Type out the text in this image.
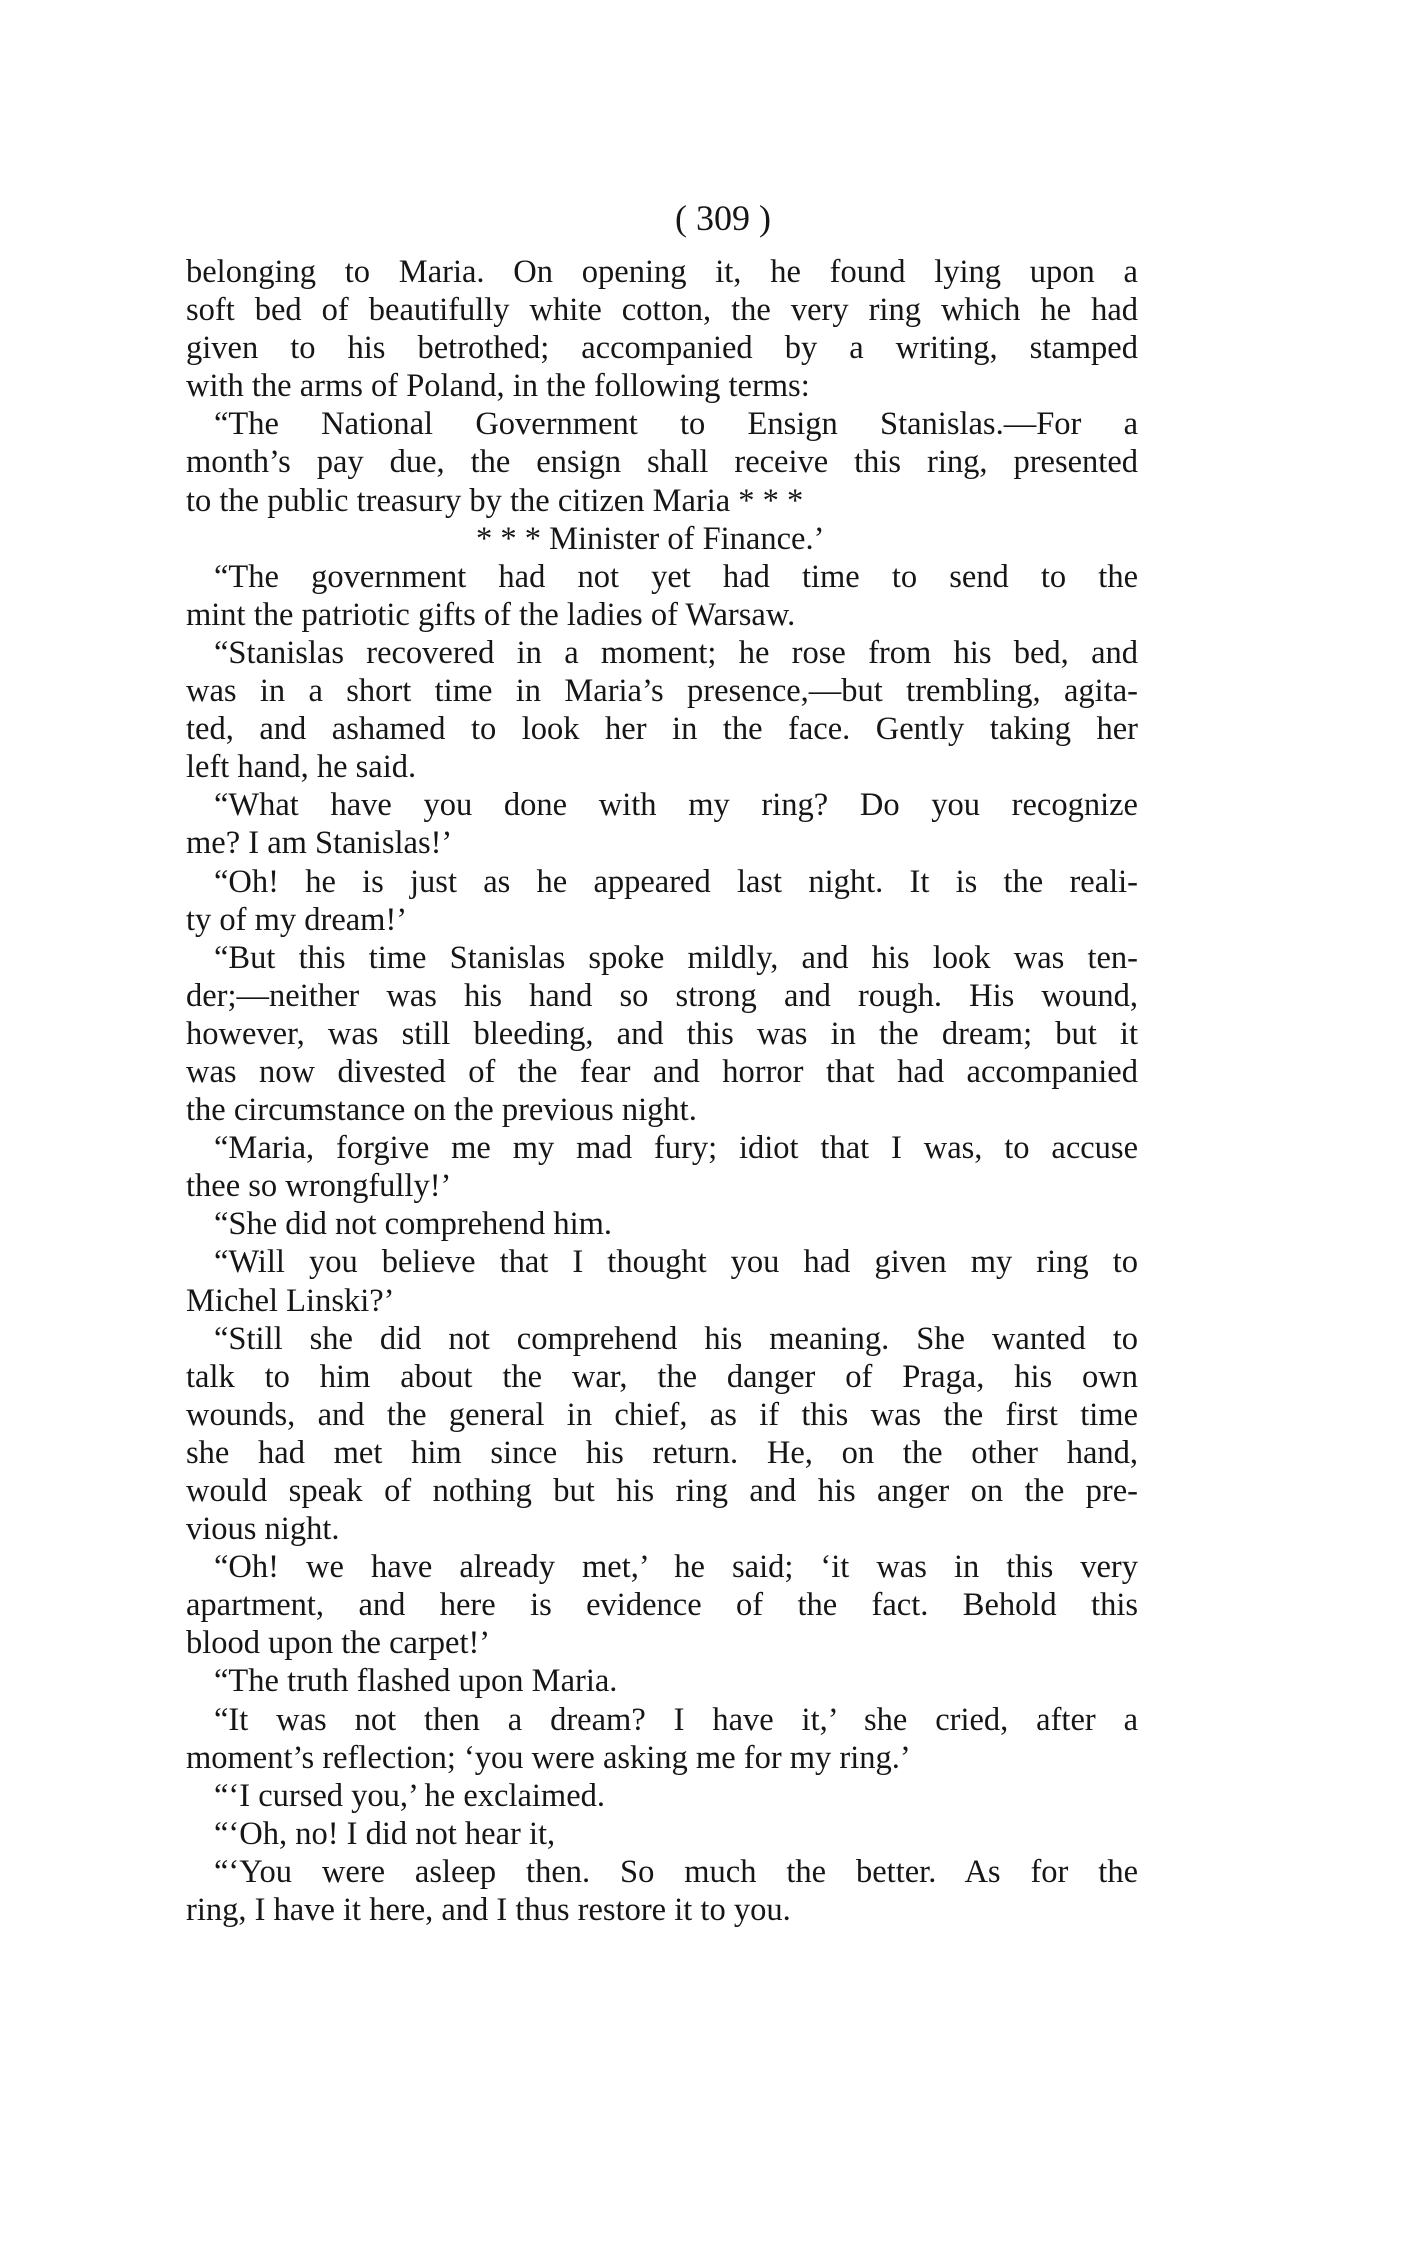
( 309 )
belonging to Maria. On opening it, he found lying upon a
soft bed of beautifully white cotton, the very ring which he had
given to his betrothed; accompanied by a writing, stamped
with the arms of Poland, in the following terms:
“The National Government to Ensign Stanislas.—For a
month’s pay due, the ensign shall receive this ring, presented
to the public treasury by the citizen Maria * * *
* * * Minister of Finance.’
“The government had not yet had time to send to the
mint the patriotic gifts of the ladies of Warsaw.
“Stanislas recovered in a moment; he rose from his bed, and
was in a short time in Maria’s presence,—but trembling, agita-
ted, and ashamed to look her in the face. Gently taking her
left hand, he said.
“What have you done with my ring? Do you recognize
me? I am Stanislas!’
“Oh! he is just as he appeared last night. It is the reali-
ty of my dream!’
“But this time Stanislas spoke mildly, and his look was ten-
der;—neither was his hand so strong and rough. His wound,
however, was still bleeding, and this was in the dream; but it
was now divested of the fear and horror that had accompanied
the circumstance on the previous night.
“Maria, forgive me my mad fury; idiot that I was, to accuse
thee so wrongfully!’
“She did not comprehend him.
“Will you believe that I thought you had given my ring to
Michel Linski?’
“Still she did not comprehend his meaning. She wanted to
talk to him about the war, the danger of Praga, his own
wounds, and the general in chief, as if this was the first time
she had met him since his return. He, on the other hand,
would speak of nothing but his ring and his anger on the pre-
vious night.
“Oh! we have already met,’ he said; ‘it was in this very
apartment, and here is evidence of the fact. Behold this
blood upon the carpet!’
“The truth flashed upon Maria.
“It was not then a dream? I have it,’ she cried, after a
moment’s reflection; ‘you were asking me for my ring.’
“‘I cursed you,’ he exclaimed.
“‘Oh, no! I did not hear it,
“‘You were asleep then. So much the better. As for the
ring, I have it here, and I thus restore it to you.
